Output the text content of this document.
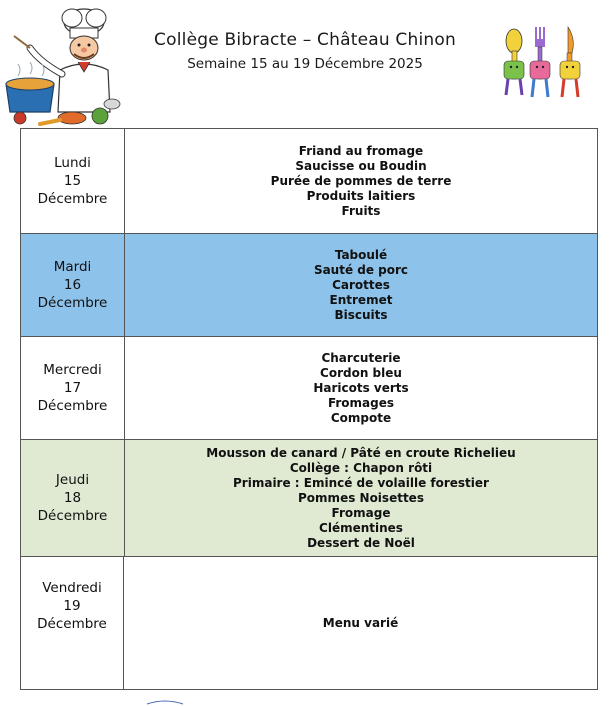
Collège Bibracte – Château Chinon
Semaine 15 au 19 Décembre 2025
Lundi
15
Décembre
Friand au fromage
Saucisse ou Boudin
Purée de pommes de terre
Produits laitiers
Fruits
Mardi
16
Décembre
Taboulé
Sauté de porc
Carottes
Entremet
Biscuits
Mercredi
17
Décembre
Charcuterie
Cordon bleu
Haricots verts
Fromages
Compote
Jeudi
18
Décembre
Mousson de canard / Pâté en croute Richelieu
Collège : Chapon rôti
Primaire : Emincé de volaille forestier
Pommes Noisettes
Fromage
Clémentines
Dessert de Noël
Vendredi
19
Décembre	Menu varié
